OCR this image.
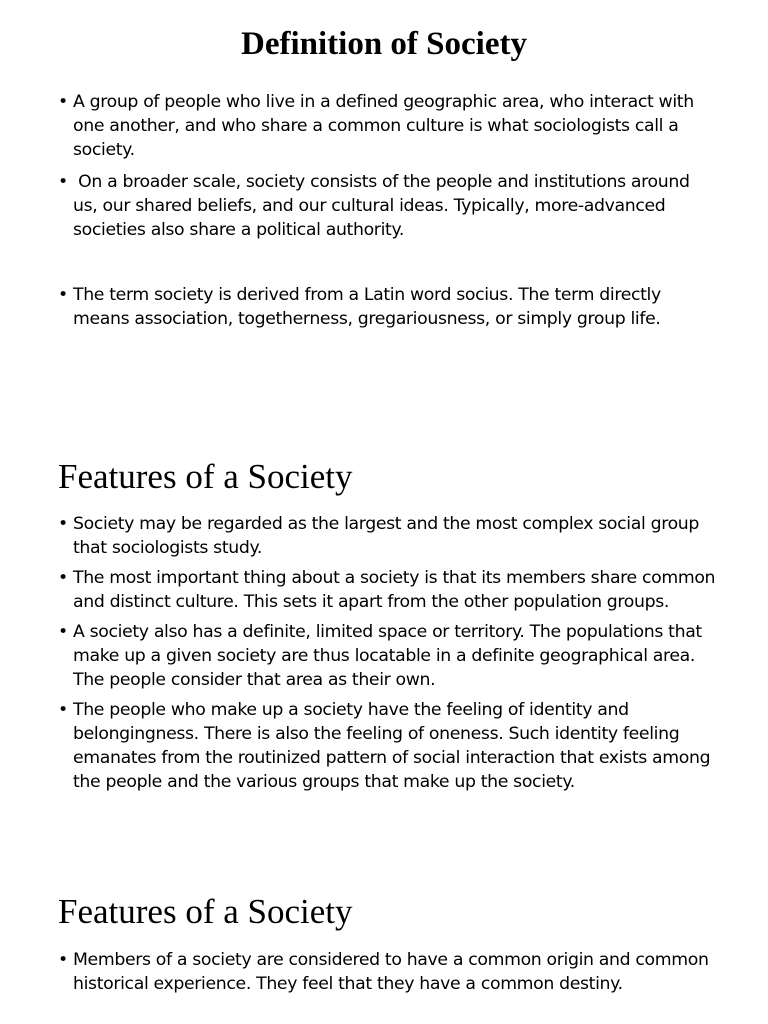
Definition of Society
• A group of people who live in a defined geographic area, who interact with one another, and who share a common culture is what sociologists call a society.
• On a broader scale, society consists of the people and institutions around us, our shared beliefs, and our cultural ideas. Typically, more-advanced societies also share a political authority.
• The term society is derived from a Latin word socius. The term directly means association, togetherness, gregariousness, or simply group life.
Features of a Society
• Society may be regarded as the largest and the most complex social group that sociologists study.
• The most important thing about a society is that its members share common and distinct culture. This sets it apart from the other population groups.
• A society also has a definite, limited space or territory. The populations that make up a given society are thus locatable in a definite geographical area. The people consider that area as their own.
• The people who make up a society have the feeling of identity and belongingness. There is also the feeling of oneness. Such identity feeling emanates from the routinized pattern of social interaction that exists among the people and the various groups that make up the society.
Features of a Society
• Members of a society are considered to have a common origin and common historical experience. They feel that they have a common destiny.
